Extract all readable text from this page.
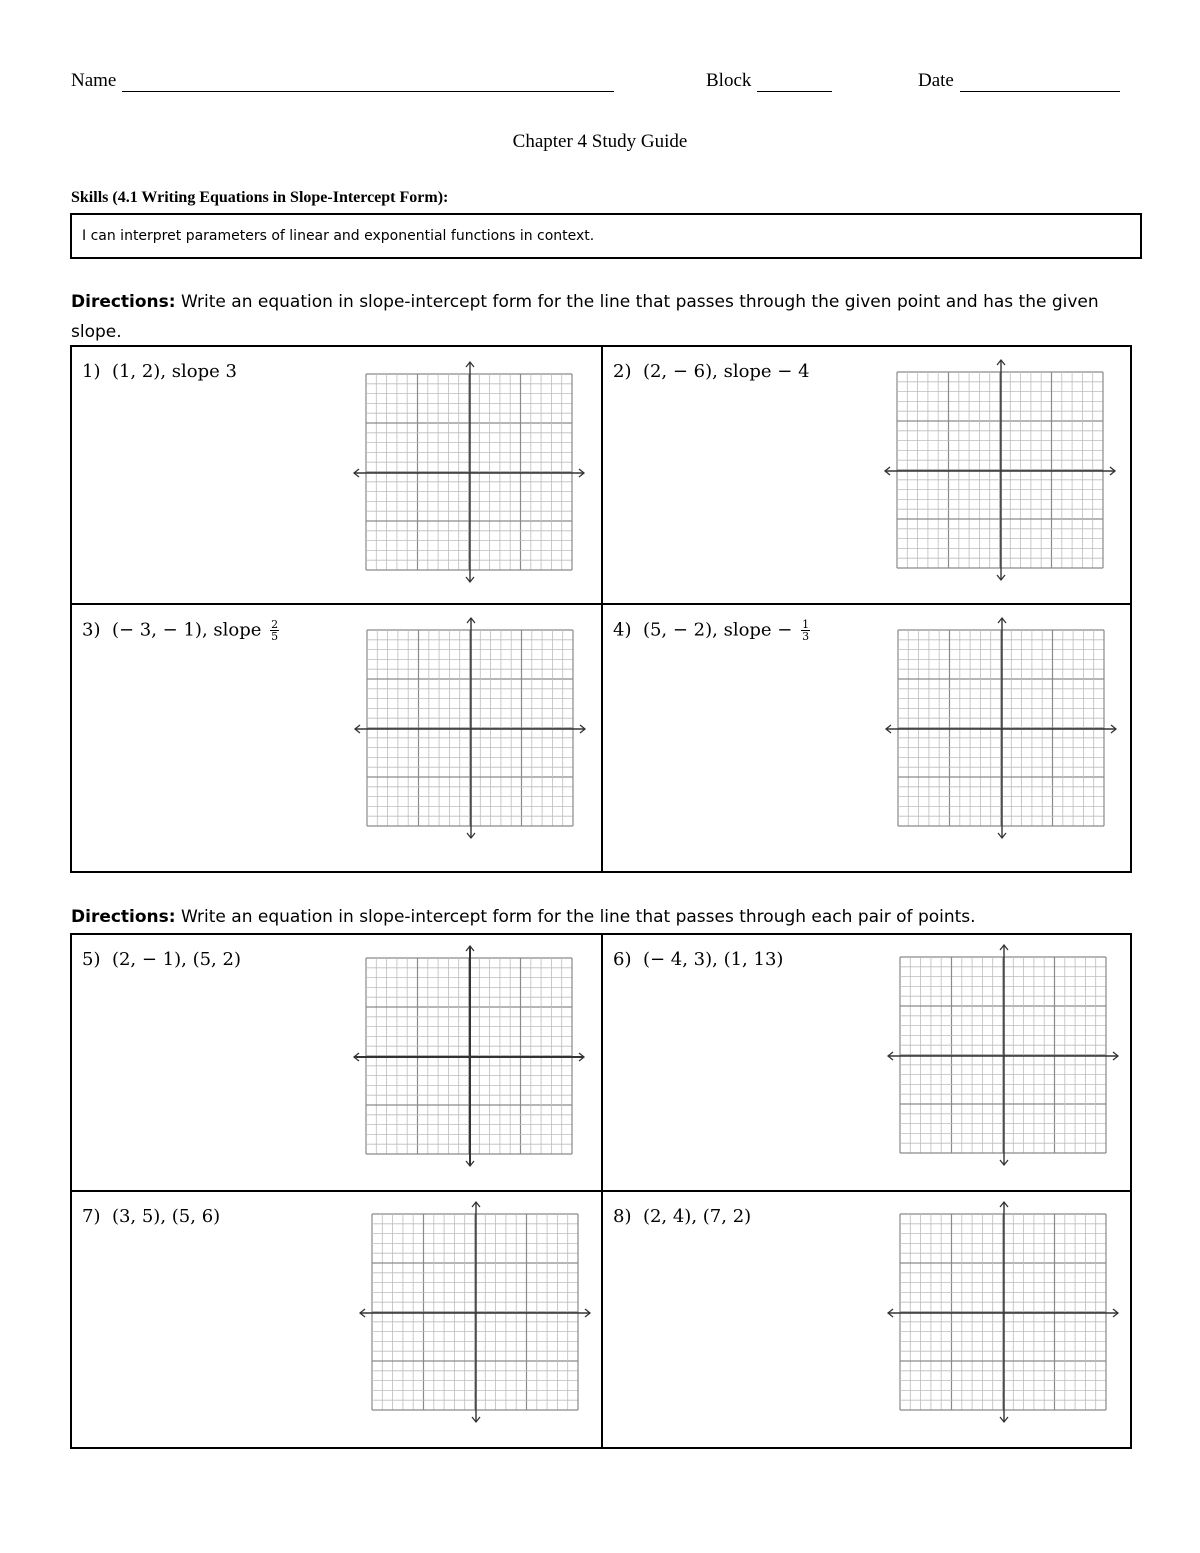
Name	Block	Date
Chapter 4 Study Guide
Skills (4.1 Writing Equations in Slope-Intercept Form):
I can interpret parameters of linear and exponential functions in context.
Directions: Write an equation in slope-intercept form for the line that passes through the given point and has the given slope.
1) (1, 2), slope 3	2) (2, − 6), slope − 4
3) (− 3, − 1), slope $\frac{2}{5}$	4) (5, − 2), slope − $\frac{1}{3}$
Directions: Write an equation in slope-intercept form for the line that passes through each pair of points.
5) (2, − 1), (5, 2)	6) (− 4, 3), (1, 13)
7) (3, 5), (5, 6)	8) (2, 4), (7, 2)
